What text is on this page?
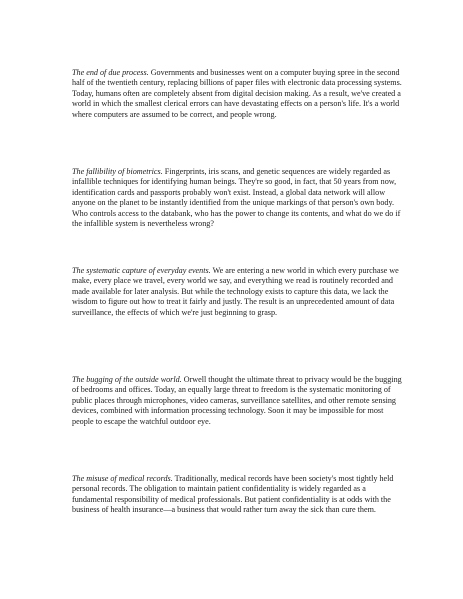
The end of due process. Governments and businesses went on a computer buying spree in the second half of the twentieth century, replacing billions of paper files with electronic data processing systems. Today, humans often are completely absent from digital decision making. As a result, we've created a world in which the smallest clerical errors can have devastating effects on a person's life. It's a world where computers are assumed to be correct, and people wrong.

The fallibility of biometrics. Fingerprints, iris scans, and genetic sequences are widely regarded as infallible techniques for identifying human beings. They're so good, in fact, that 50 years from now, identification cards and passports probably won't exist. Instead, a global data network will allow anyone on the planet to be instantly identified from the unique markings of that person's own body. Who controls access to the databank, who has the power to change its contents, and what do we do if the infallible system is nevertheless wrong?

The systematic capture of everyday events. We are entering a new world in which every purchase we make, every place we travel, every world we say, and everything we read is routinely recorded and made available for later analysis. But while the technology exists to capture this data, we lack the wisdom to figure out how to treat it fairly and justly. The result is an unprecedented amount of data surveillance, the effects of which we're just beginning to grasp.

The bugging of the outside world. Orwell thought the ultimate threat to privacy would be the bugging of bedrooms and offices. Today, an equally large threat to freedom is the systematic monitoring of public places through microphones, video cameras, surveillance satellites, and other remote sensing devices, combined with information processing technology. Soon it may be impossible for most people to escape the watchful outdoor eye.

The misuse of medical records. Traditionally, medical records have been society's most tightly held personal records. The obligation to maintain patient confidentiality is widely regarded as a fundamental responsibility of medical professionals. But patient confidentiality is at odds with the business of health insurance—a business that would rather turn away the sick than cure them.
